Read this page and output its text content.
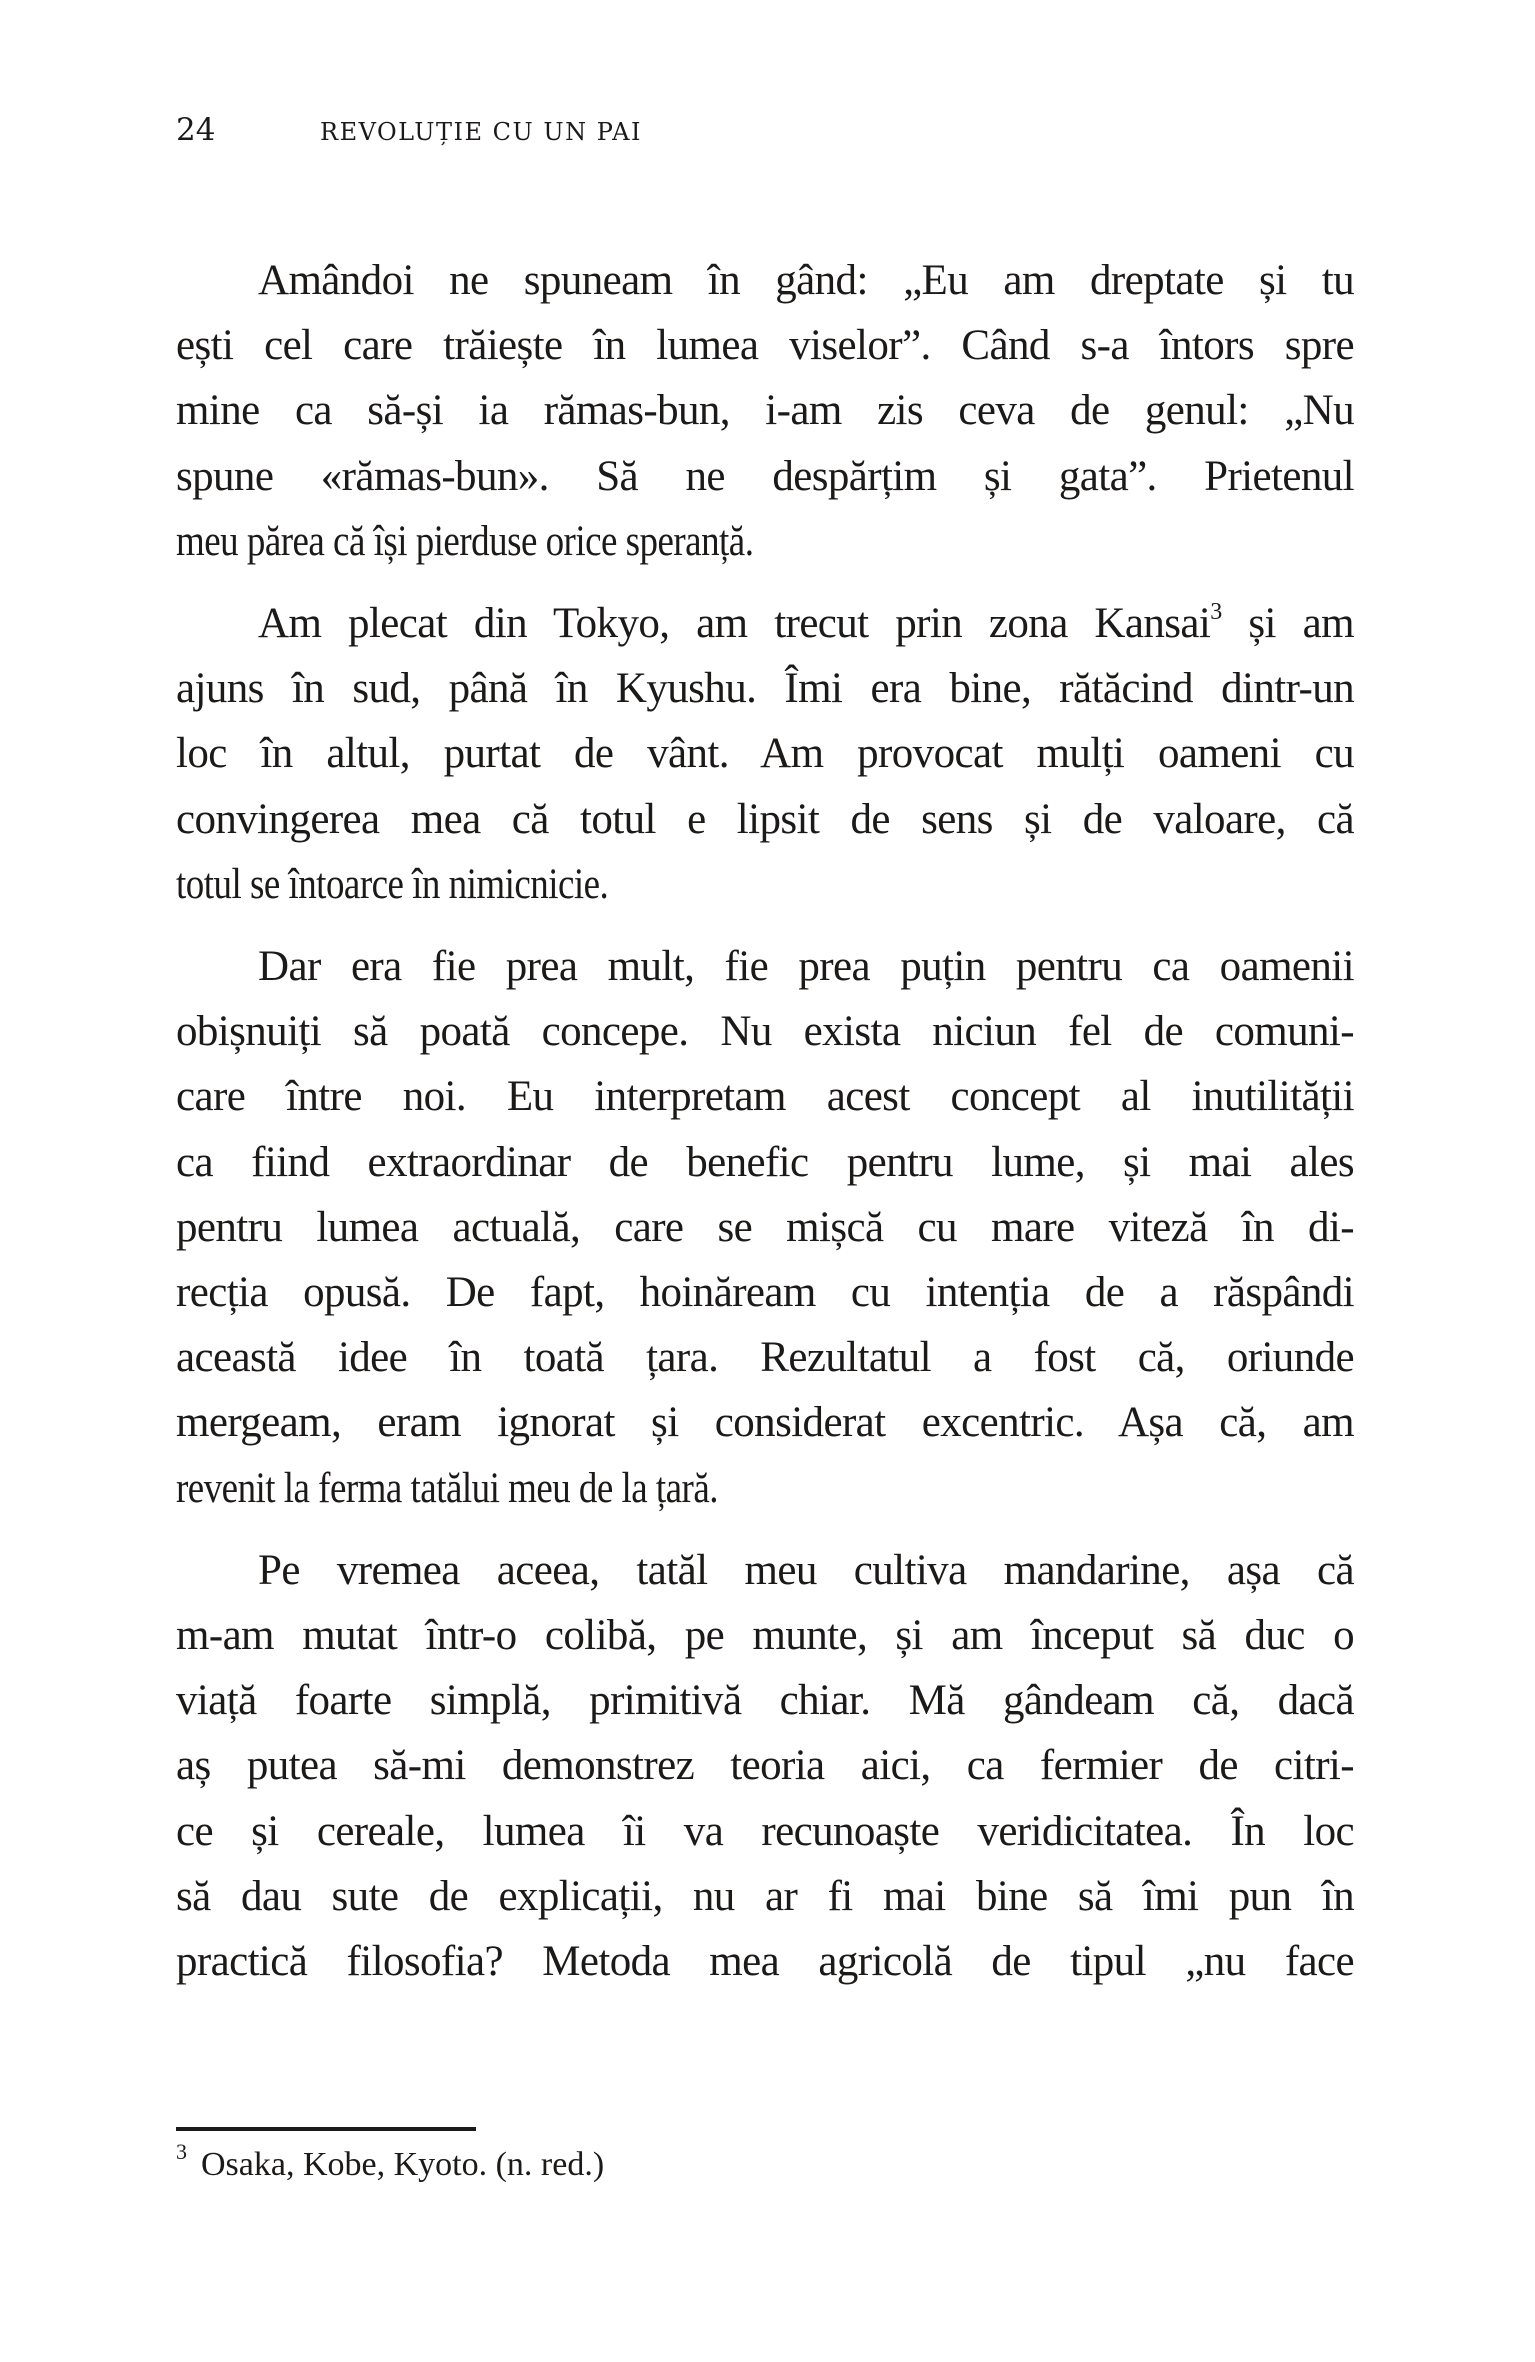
24	REVOLUȚIE CU UN PAI

Amândoi ne spuneam în gând: „Eu am dreptate și tu
ești cel care trăiește în lumea viselor”. Când s-a întors spre
mine ca să-și ia rămas-bun, i-am zis ceva de genul: „Nu
spune «rămas-bun». Să ne despărțim și gata”. Prietenul
meu părea că își pierduse orice speranță.

Am plecat din Tokyo, am trecut prin zona Kansai$^3$ și am
ajuns în sud, până în Kyushu. Îmi era bine, rătăcind dintr-un
loc în altul, purtat de vânt. Am provocat mulți oameni cu
convingerea mea că totul e lipsit de sens și de valoare, că
totul se întoarce în nimicnicie.

Dar era fie prea mult, fie prea puțin pentru ca oamenii
obișnuiți să poată concepe. Nu exista niciun fel de comuni-
care între noi. Eu interpretam acest concept al inutilității
ca fiind extraordinar de benefic pentru lume, și mai ales
pentru lumea actuală, care se mișcă cu mare viteză în di-
recția opusă. De fapt, hoinăream cu intenția de a răspândi
această idee în toată țara. Rezultatul a fost că, oriunde
mergeam, eram ignorat și considerat excentric. Așa că, am
revenit la ferma tatălui meu de la țară.

Pe vremea aceea, tatăl meu cultiva mandarine, așa că
m-am mutat într-o colibă, pe munte, și am început să duc o
viață foarte simplă, primitivă chiar. Mă gândeam că, dacă
aș putea să-mi demonstrez teoria aici, ca fermier de citri-
ce și cereale, lumea îi va recunoaște veridicitatea. În loc
să dau sute de explicații, nu ar fi mai bine să îmi pun în
practică filosofia? Metoda mea agricolă de tipul „nu face

$^3$ Osaka, Kobe, Kyoto. (n. red.)
